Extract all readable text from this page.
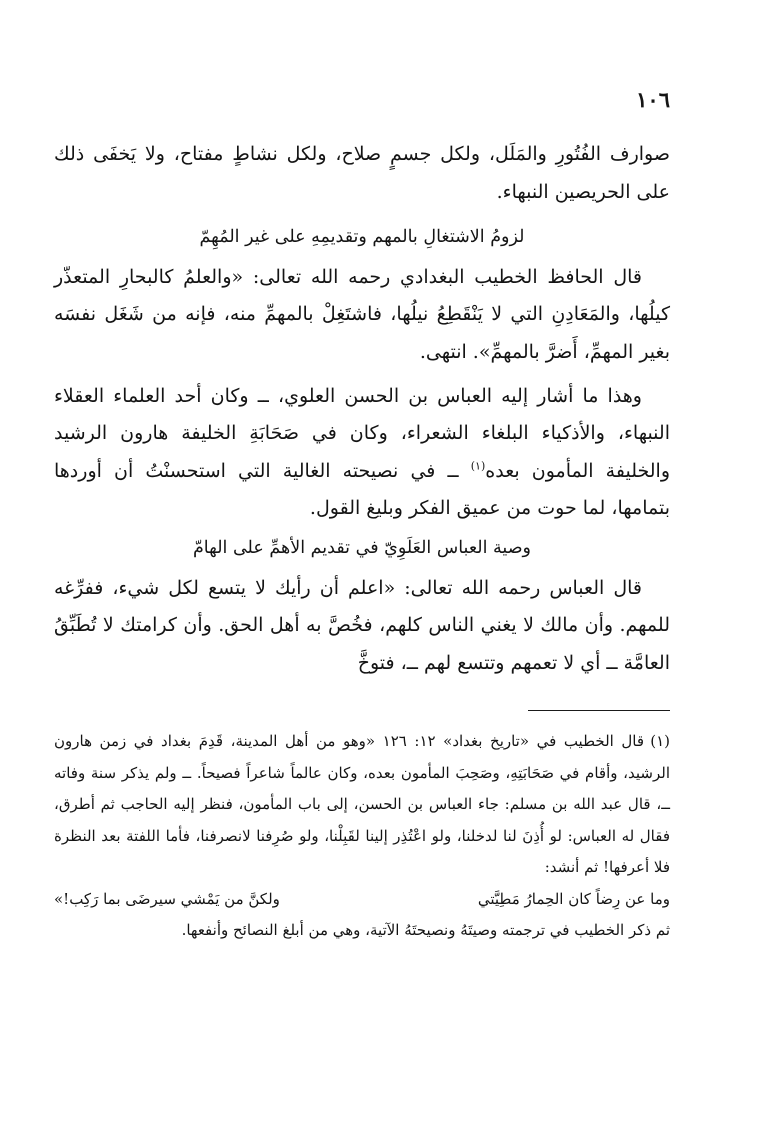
١٠٦

صوارف الفُتُورِ والمَلَل، ولكل جسمٍ صلاح، ولكل نشاطٍ مفتاح، ولا يَخفَى ذلك على الحريصين النبهاء.

لزومُ الاشتغالِ بالمهم وتقديمِهِ على غير المُهِمّ

قال الحافظ الخطيب البغدادي رحمه الله تعالى: «والعلمُ كالبحارِ المتعذّر كيلُها، والمَعَادِنِ التي لا يَنْقَطِعُ نيلُها، فاشتَغِلْ بالمهمِّ منه، فإنه من شَغَل نفسَه بغير المهمِّ، أَضرَّ بالمهمِّ». انتهى.

وهذا ما أشار إليه العباس بن الحسن العلوي، ــ وكان أحد العلماء العقلاء النبهاء، والأذكياء البلغاء الشعراء، وكان في صَحَابَةِ الخليفة هارون الرشيد والخليفة المأمون بعده$^{(١)}$ ــ في نصيحته الغالية التي استحسنْتُ أن أوردها بتمامها، لما حوت من عميق الفكر وبليغ القول.

وصية العباس العَلَوِيّ في تقديم الأهمِّ على الهامّ

قال العباس رحمه الله تعالى: «اعلم أن رأيك لا يتسع لكل شيء، ففرِّغه للمهم. وأن مالك لا يغني الناس كلهم، فخُصَّ به أهل الحق. وأن كرامتك لا تُطَبِّقُ العامَّة ــ أي لا تعمهم وتتسع لهم ــ، فتوخَّ

(١)قال الخطيب في «تاريخ بغداد» ١٢: ١٢٦ «وهو من أهل المدينة، قَدِمَ بغداد في زمن هارون الرشيد، وأقام في صَحَابَتِهِ، وصَحِبَ المأمون بعده، وكان عالماً شاعراً فصيحاً. ــ ولم يذكر سنة وفاته ــ، قال عبد الله بن مسلم: جاء العباس بن الحسن، إلى باب المأمون، فنظر إليه الحاجب ثم أطرق، فقال له العباس: لو أُذِنَ لنا لدخلنا، ولو اعْتُذِر إلينا لقَبِلْنا، ولو صُرِفنا لانصرفنا، فأما اللفتة بعد النظرة فلا أعرفها! ثم أنشد:

وما عن رِضاً كان الحِمارُ مَطِيَّتي
ولكنَّ من يَمْشي سيرضَى بما رَكِب!»

ثم ذكر الخطيب في ترجمته وصيتَهُ ونصيحتَهُ الآتية، وهي من أبلغ النصائح وأنفعها.
